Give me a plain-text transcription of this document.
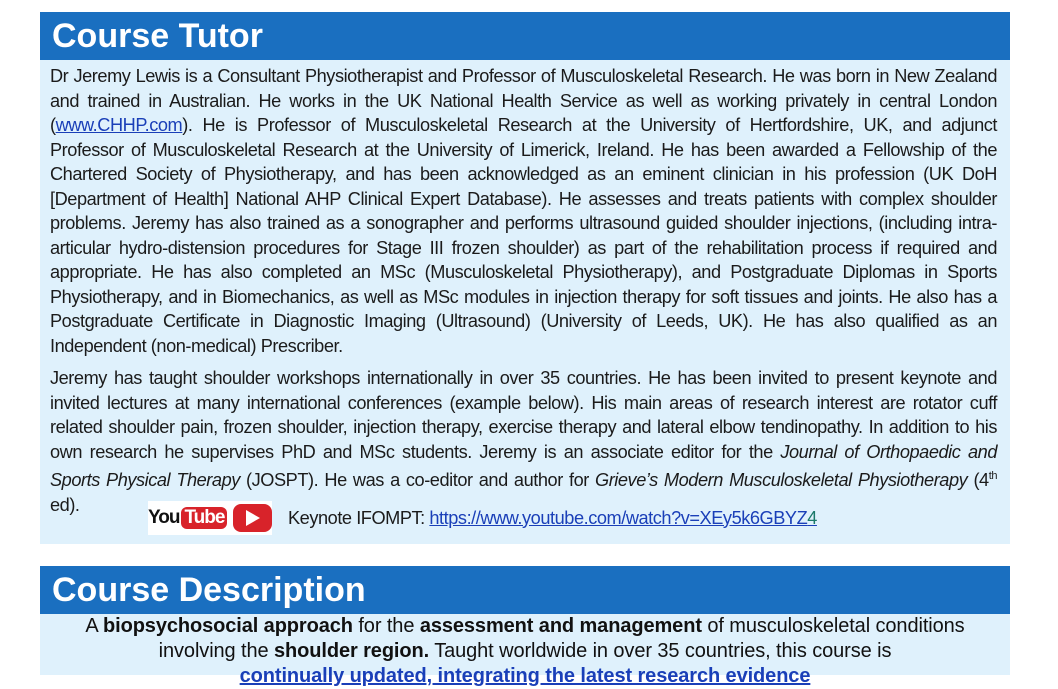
Course Tutor

Dr Jeremy Lewis is a Consultant Physiotherapist and Professor of Musculoskeletal Research. He was born in New Zealand and trained in Australian. He works in the UK National Health Service as well as working privately in central London (www.CHHP.com). He is Professor of Musculoskeletal Research at the University of Hertfordshire, UK, and adjunct Professor of Musculoskeletal Research at the University of Limerick, Ireland. He has been awarded a Fellowship of the Chartered Society of Physiotherapy, and has been acknowledged as an eminent clinician in his profession (UK DoH [Department of Health] National AHP Clinical Expert Database). He assesses and treats patients with complex shoulder problems. Jeremy has also trained as a sonographer and performs ultrasound guided shoulder injections, (including intra-articular hydro-distension procedures for Stage III frozen shoulder) as part of the rehabilitation process if required and appropriate. He has also completed an MSc (Musculoskeletal Physiotherapy), and Postgraduate Diplomas in Sports Physiotherapy, and in Biomechanics, as well as MSc modules in injection therapy for soft tissues and joints. He also has a Postgraduate Certificate in Diagnostic Imaging (Ultrasound) (University of Leeds, UK). He has also qualified as an Independent (non-medical) Prescriber.

Jeremy has taught shoulder workshops internationally in over 35 countries. He has been invited to present keynote and invited lectures at many international conferences (example below). His main areas of research interest are rotator cuff related shoulder pain, frozen shoulder, injection therapy, exercise therapy and lateral elbow tendinopathy. In addition to his own research he supervises PhD and MSc students. Jeremy is an associate editor for the Journal of Orthopaedic and Sports Physical Therapy (JOSPT). He was a co-editor and author for Grieve’s Modern Musculoskeletal Physiotherapy (4th ed).

You Tube	Keynote IFOMPT: https://www.youtube.com/watch?v=XEy5k6GBYZ4
Course Description

A biopsychosocial approach for the assessment and management of musculoskeletal conditions

involving the shoulder region. Taught worldwide in over 35 countries, this course is

continually updated, integrating the latest research evidence
